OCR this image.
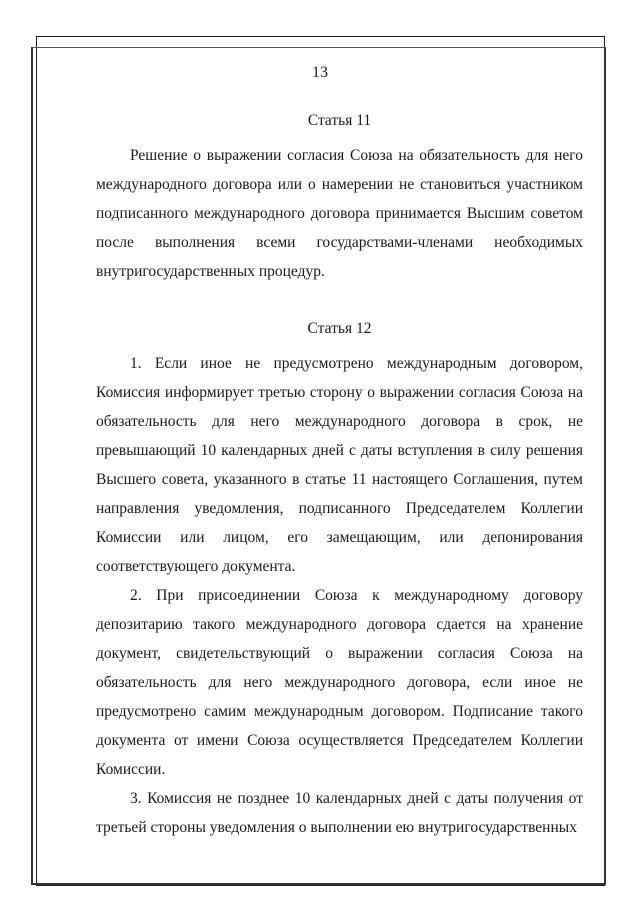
13

Статья 11

Решение о выражении согласия Союза на обязательность для него международного договора или о намерении не становиться участником подписанного международного договора принимается Высшим советом после выполнения всеми государствами-членами необходимых внутригосударственных процедур.

Статья 12

1. Если иное не предусмотрено международным договором, Комиссия информирует третью сторону о выражении согласия Союза на обязательность для него международного договора в срок, не превышающий 10 календарных дней с даты вступления в силу решения Высшего совета, указанного в статье 11 настоящего Соглашения, путем направления уведомления, подписанного Председателем Коллегии Комиссии или лицом, его замещающим, или депонирования соответствующего документа.

2. При присоединении Союза к международному договору депозитарию такого международного договора сдается на хранение документ, свидетельствующий о выражении согласия Союза на обязательность для него международного договора, если иное не предусмотрено самим международным договором. Подписание такого документа от имени Союза осуществляется Председателем Коллегии Комиссии.

3. Комиссия не позднее 10 календарных дней с даты получения от третьей стороны уведомления о выполнении ею внутригосударственных
